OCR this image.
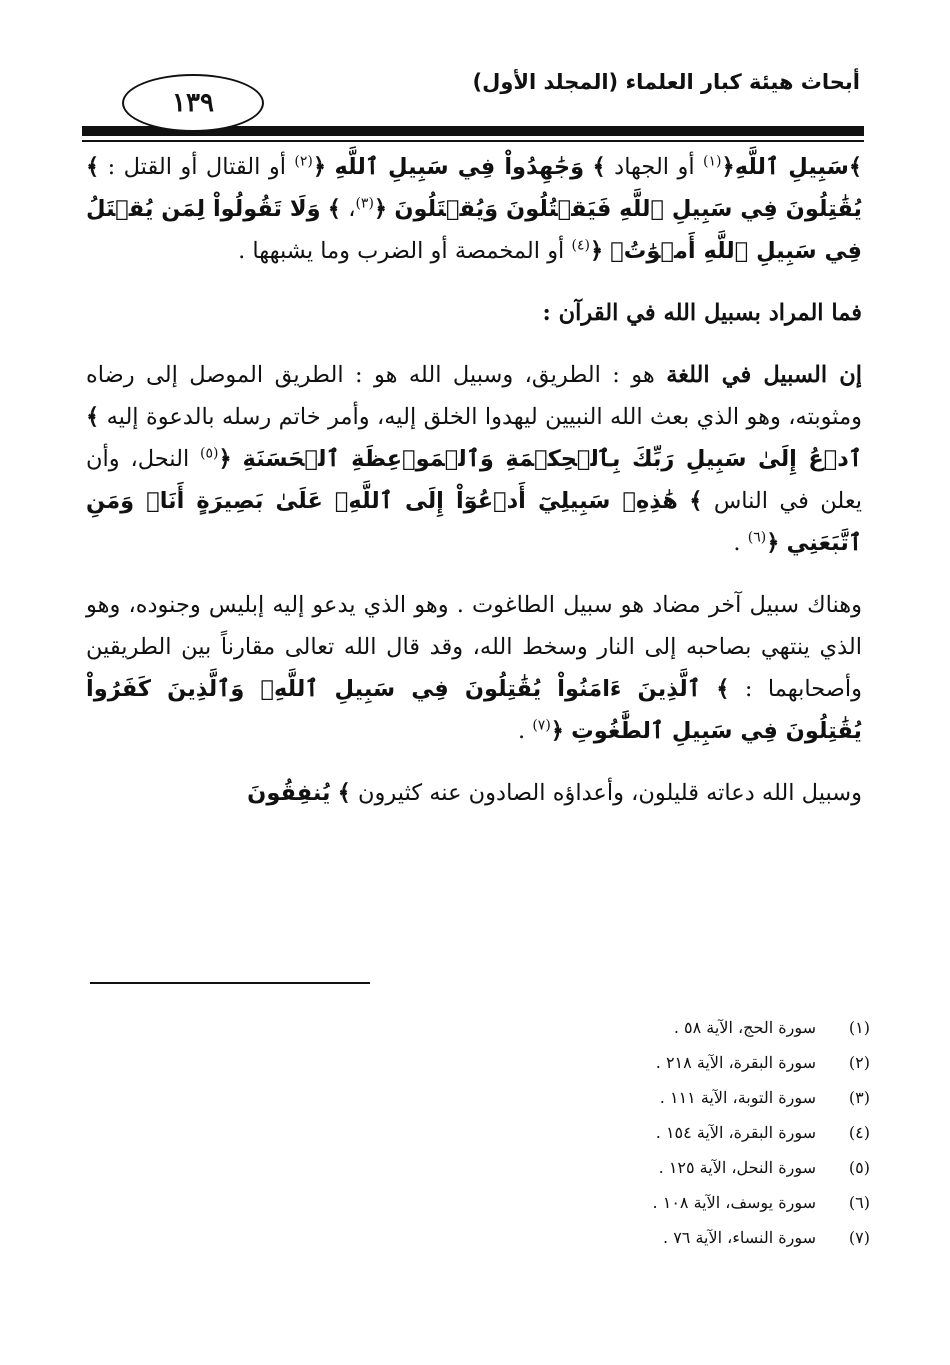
أبحاث هيئة كبار العلماء (المجلد الأول)
١٣٩

﴾سَبِيلِ ٱللَّهِ﴿$^{(١)}$ أو الجهاد ﴾ وَجَٰهِدُواْ فِي سَبِيلِ ٱللَّهِ ﴿$^{(٢)}$ أو القتال أو القتل : ﴾ يُقَٰتِلُونَ فِي سَبِيلِ ٱللَّهِ فَيَقۡتُلُونَ وَيُقۡتَلُونَ ﴿$^{(٣)}$، ﴾ وَلَا تَقُولُواْ لِمَن يُقۡتَلُ فِي سَبِيلِ ٱللَّهِ أَمۡوَٰتُۢ ﴿$^{(٤)}$ أو المخمصة أو الضرب وما يشبهها .

فما المراد بسبيل الله في القرآن :

إن السبيل في اللغة هو : الطريق، وسبيل الله هو : الطريق الموصل إلى رضاه ومثوبته، وهو الذي بعث الله النبيين ليهدوا الخلق إليه، وأمر خاتم رسله بالدعوة إليه ﴾ ٱدۡعُ إِلَىٰ سَبِيلِ رَبِّكَ بِٱلۡحِكۡمَةِ وَٱلۡمَوۡعِظَةِ ٱلۡحَسَنَةِ ﴿$^{(٥)}$ النحل، وأن يعلن في الناس ﴾ هَٰذِهِۦ سَبِيلِيٓ أَدۡعُوٓاْ إِلَى ٱللَّهِۚ عَلَىٰ بَصِيرَةٍ أَنَا۠ وَمَنِ ٱتَّبَعَنِي ﴿$^{(٦)}$ .

وهناك سبيل آخر مضاد هو سبيل الطاغوت . وهو الذي يدعو إليه إبليس وجنوده، وهو الذي ينتهي بصاحبه إلى النار وسخط الله، وقد قال الله تعالى مقارناً بين الطريقين وأصحابهما : ﴾ ٱلَّذِينَ ءَامَنُواْ يُقَٰتِلُونَ فِي سَبِيلِ ٱللَّهِۖ وَٱلَّذِينَ كَفَرُواْ يُقَٰتِلُونَ فِي سَبِيلِ ٱلطَّٰغُوتِ ﴿$^{(٧)}$ .

وسبيل الله دعاته قليلون، وأعداؤه الصادون عنه كثيرون ﴾ يُنفِقُونَ

(١)
سورة الحج، الآية ٥٨ .
(٢)
سورة البقرة، الآية ٢١٨ .
(٣)
سورة التوبة، الآية ١١١ .
(٤)
سورة البقرة، الآية ١٥٤ .
(٥)
سورة النحل، الآية ١٢٥ .
(٦)
سورة يوسف، الآية ١٠٨ .
(٧)
سورة النساء، الآية ٧٦ .
